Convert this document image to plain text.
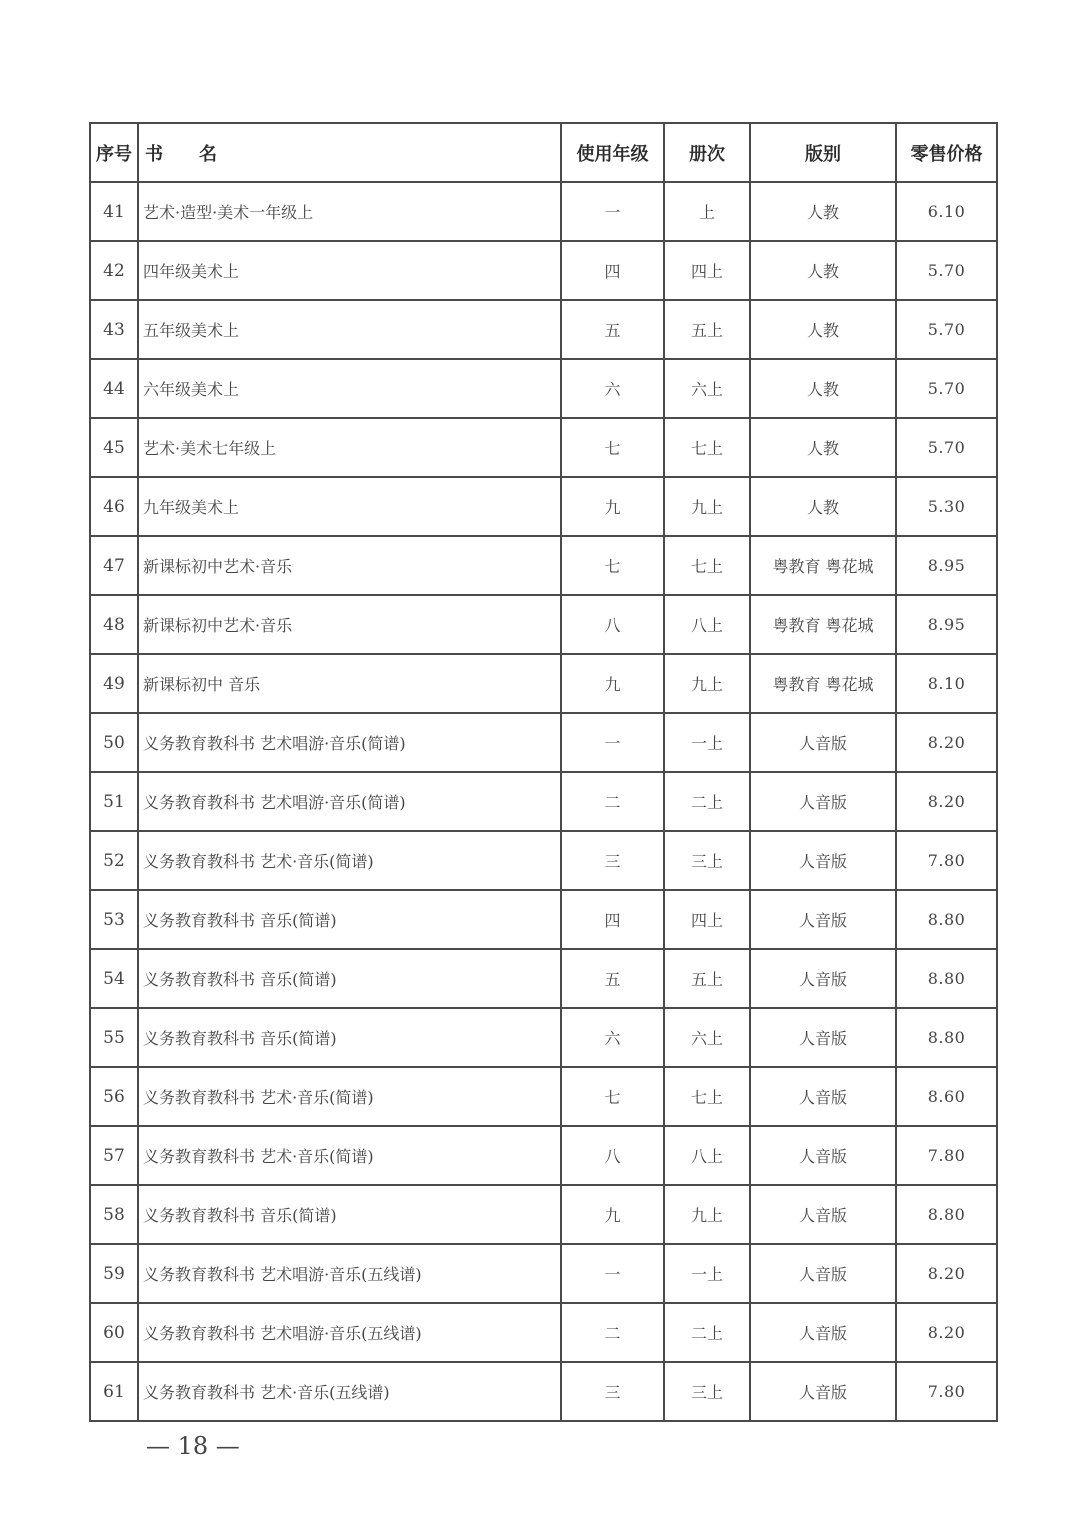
序号	书　　名	使用年级	册次	版别	零售价格
41	艺术·造型·美术一年级上	一	上	人教	6.10
42	四年级美术上	四	四上	人教	5.70
43	五年级美术上	五	五上	人教	5.70
44	六年级美术上	六	六上	人教	5.70
45	艺术·美术七年级上	七	七上	人教	5.70
46	九年级美术上	九	九上	人教	5.30
47	新课标初中艺术·音乐	七	七上	粤教育 粤花城	8.95
48	新课标初中艺术·音乐	八	八上	粤教育 粤花城	8.95
49	新课标初中 音乐	九	九上	粤教育 粤花城	8.10
50	义务教育教科书 艺术唱游·音乐(简谱)	一	一上	人音版	8.20
51	义务教育教科书 艺术唱游·音乐(简谱)	二	二上	人音版	8.20
52	义务教育教科书 艺术·音乐(简谱)	三	三上	人音版	7.80
53	义务教育教科书 音乐(简谱)	四	四上	人音版	8.80
54	义务教育教科书 音乐(简谱)	五	五上	人音版	8.80
55	义务教育教科书 音乐(简谱)	六	六上	人音版	8.80
56	义务教育教科书 艺术·音乐(简谱)	七	七上	人音版	8.60
57	义务教育教科书 艺术·音乐(简谱)	八	八上	人音版	7.80
58	义务教育教科书 音乐(简谱)	九	九上	人音版	8.80
59	义务教育教科书 艺术唱游·音乐(五线谱)	一	一上	人音版	8.20
60	义务教育教科书 艺术唱游·音乐(五线谱)	二	二上	人音版	8.20
61	义务教育教科书 艺术·音乐(五线谱)	三	三上	人音版	7.80
— 18 —
